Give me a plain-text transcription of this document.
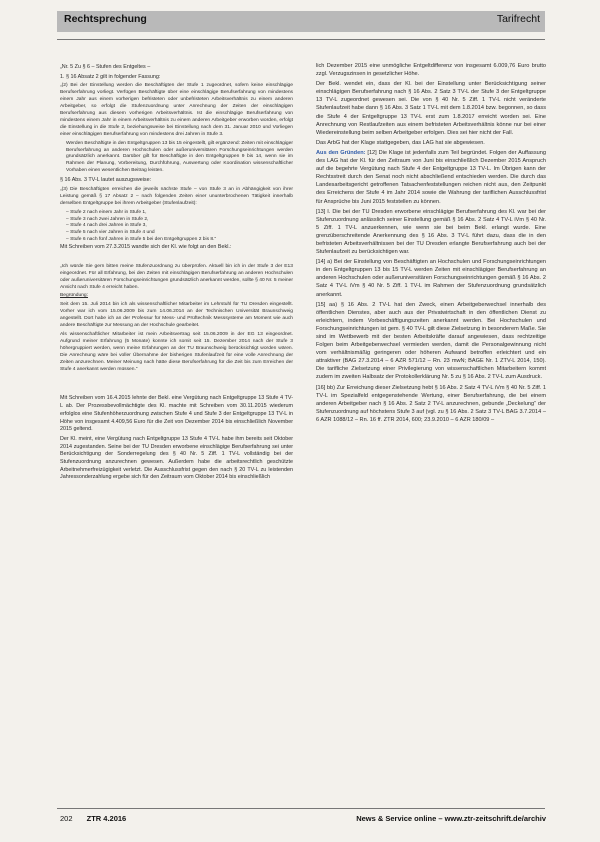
Rechtsprechung	Tarifrecht

„Nr. 5 Zu § 6 – Stufen des Entgeltes –

1. § 16 Absatz 2 gilt in folgender Fassung:

„(2) Bei der Einstellung werden die Beschäftigten der Stufe 1 zugeordnet, sofern keine einschlägige Berufserfahrung vorliegt. Verfügen Beschäftigte über eine einschlägige Berufserfahrung von mindestens einem Jahr aus einem vorherigen befristeten oder unbefristeten Arbeitsverhältnis zu einem anderen Arbeitgeber, so erfolgt die Stufenzuordnung unter Anrechnung der Zeiten der einschlägigen Berufserfahrung aus diesem vorherigen Arbeitsverhältnis. Ist die einschlägige Berufserfahrung von mindestens einem Jahr in einem Arbeitsverhältnis zu einem anderen Arbeitgeber erworben worden, erfolgt die Einstellung in die Stufe 2, beziehungsweise bei Einstellung nach dem 31. Januar 2010 und Vorliegen einer einschlägigen Berufserfahrung von mindestens drei Jahren in Stufe 3.

Werden Beschäftigte in den Entgeltgruppen 13 bis 15 eingestellt, gilt ergänzend: Zeiten mit einschlägiger Berufserfahrung an anderen Hochschulen oder außeruniversitären Forschungseinrichtungen werden grundsätzlich anerkannt. Darüber gilt für Beschäftigte in den Entgeltgruppen 9 bis 14, wenn sie im Rahmen der Planung, Vorbereitung, Durchführung, Auswertung oder Koordination wissenschaftlicher Vorhaben einen wesentlichen Beitrag leisten.

§ 16 Abs. 3 TV-L lautet auszugsweise:

„(3) Die Beschäftigten erreichen die jeweils nächste Stufe – von Stufe 3 an in Abhängigkeit von ihrer Leistung gemäß § 17 Absatz 2 – nach folgenden Zeiten einer ununterbrochenen Tätigkeit innerhalb derselben Entgeltgruppe bei ihrem Arbeitgeber (Stufenlaufzeit):

– Stufe 2 nach einem Jahr in Stufe 1,
– Stufe 3 nach zwei Jahren in Stufe 2,
– Stufe 4 nach drei Jahren in Stufe 3,
– Stufe 5 nach vier Jahren in Stufe 4 und
– Stufe 6 nach fünf Jahren in Stufe 5 bei den Entgeltgruppen 2 bis 8.“

Mit Schreiben vom 27.3.2015 wandte sich der Kl. wie folgt an den Bekl.:

„Ich würde Sie gern bitten meine Stufenzuordnung zu überprüfen. Aktuell bin ich in der Stufe 3 der E13 eingeordnet. Für all Erfahrung, bei den Zeiten mit einschlägigen Berufserfahrung an anderen Hochschulen oder außeruniversitären Forschungseinrichtungen grundsätzlich anerkannt werden, sollte § 40 Nr. 5 meiner Ansicht nach Stufe 4 erreicht haben.

Begründung:

Seit dem 15. Juli 2014 bin ich als wissenschaftlicher Mitarbeiter im Lehrstuhl für TU Dresden eingestellt. Vorher war ich vom 15.06.2009 bis zum 14.06.2014 an der Technischen Universität Braunschweig angestellt. Dort habe ich an der Professur für Mess- und Prüftechnik Messsysteme am Moment wie auch andere Beschäftigte zur Messung an der Hochschule gearbeitet.

Als wissenschaftlicher Mitarbeiter ist mein Arbeitsvertrag seit 15.06.2009 in der EG 13 eingeordnet. Aufgrund meiner Erfahrung (5 Monate) konnte ich somit seit 15. Dezember 2014 nach der Stufe 3 höhergruppiert werden, wenn meine Erfahrungen an der TU Braunschweig berücksichtigt worden wären. Die Anrechnung wäre bei voller Übernahme der bisherigen Stufenlaufzeit für eine volle Anrechnung der Zeiten anzurechnen. Meiner Meinung nach hätte diese Berufserfahrung für die Zeit bis zum Erreichen der Stufe 4 anerkannt werden müssen.“

Mit Schreiben vom 16.4.2015 lehnte der Bekl. eine Vergütung nach Entgeltgruppe 13 Stufe 4 TV-L ab. Der Prozessbevollmächtigte des Kl. machte mit Schreiben vom 30.11.2015 wiederum erfolglos eine Stufenhöherzuordnung zwischen Stufe 4 und Stufe 3 der Entgeltgruppe 13 TV-L in Höhe von insgesamt 4.409,56 Euro für die Zeit von Dezember 2014 bis einschließlich November 2015 geltend.

Der Kl. meint, eine Vergütung nach Entgeltgruppe 13 Stufe 4 TV-L habe ihm bereits seit Oktober 2014 zugestanden. Seine bei der TU Dresden erworbene einschlägige Berufserfahrung sei unter Berücksichtigung der Sonderregelung des § 40 Nr. 5 Ziff. 1 TV-L vollständig bei der Stufenzuordnung anzurechnen gewesen. Außerdem habe die arbeitsrechtlich geschützte Arbeitnehmerfreizügigkeit verletzt. Die Ausschlussfrist gegen den nach § 20 TV-L zu leistenden Jahressonderzahlung ergebe sich für den Zeitraum vom Oktober 2014 bis einschließlich

lich Dezember 2015 eine unmögliche Entgeltdifferenz von insgesamt 6.009,76 Euro brutto zzgl. Verzugszinsen in gesetzlicher Höhe.

Der Bekl. wendet ein, dass der Kl. bei der Einstellung unter Berücksichtigung seiner einschlägigen Berufserfahrung nach § 16 Abs. 2 Satz 3 TV-L der Stufe 3 der Entgeltgruppe 13 TV-L zugeordnet gewesen sei. Die von § 40 Nr. 5 Ziff. 1 TV-L nicht veränderte Stufenlaufzeit habe dann § 16 Abs. 3 Satz 1 TV-L mit dem 1.8.2014 bzw. begonnen, so dass die Stufe 4 der Entgeltgruppe 13 TV-L erst zum 1.8.2017 erreicht worden sei. Eine Anrechnung von Restlaufzeiten aus einem befristeten Arbeitsverhältnis könne nur bei einer Wiedereinstellung beim selben Arbeitgeber erfolgen. Dies sei hier nicht der Fall.

Das ArbG hat der Klage stattgegeben, das LAG hat sie abgewiesen.

Aus den Gründen: [12] Die Klage ist jedenfalls zum Teil begründet. Folgen der Auffassung des LAG hat der Kl. für den Zeitraum von Juni bis einschließlich Dezember 2015 Anspruch auf die begehrte Vergütung nach Stufe 4 der Entgeltgruppe 13 TV-L. Im Übrigen kann der Rechtsstreit durch den Senat noch nicht abschließend entschieden werden. Die durch das Landesarbeitsgericht getroffenen Tatsachenfeststellungen reichen nicht aus, den Zeitpunkt des Erreichens der Stufe 4 im Jahr 2014 sowie die Wahrung der tariflichen Ausschlussfrist für Ansprüche bis Juni 2015 feststellen zu können.

[13] I. Die bei der TU Dresden erworbene einschlägige Berufserfahrung des Kl. war bei der Stufenzuordnung anlässlich seiner Einstellung gemäß § 16 Abs. 2 Satz 4 TV-L iVm § 40 Nr. 5 Ziff. 1 TV-L anzuerkennen, wie wenn sie bei beim Bekl. erlangt wurde. Eine grenzüberschreitende Anerkennung des § 16 Abs. 3 TV-L führt dazu, dass die in den befristeten Arbeitsverhältnissen bei der TU Dresden erlangte Berufserfahrung auch bei der Stufenlaufzeit zu berücksichtigen war.

[14] a) Bei der Einstellung von Beschäftigten an Hochschulen und Forschungseinrichtungen in den Entgeltgruppen 13 bis 15 TV-L werden Zeiten mit einschlägiger Berufserfahrung an anderen Hochschulen oder außeruniversitären Forschungseinrichtungen gemäß § 16 Abs. 2 Satz 4 TV-L iVm § 40 Nr. 5 Ziff. 1 TV-L im Rahmen der Stufenzuordnung grundsätzlich anerkannt.

[15] aa) § 16 Abs. 2 TV-L hat den Zweck, einen Arbeitgeberwechsel innerhalb des öffentlichen Dienstes, aber auch aus der Privatwirtschaft in den öffentlichen Dienst zu erleichtern, indem Vorbeschäftigungszeiten anerkannt werden. Bei Hochschulen und Forschungseinrichtungen ist gem. § 40 TV-L gilt diese Zielsetzung in besonderem Maße. Sie sind im Wettbewerb mit der besten Arbeitskräfte darauf angewiesen, dass rechtzeitige Folgen beim Arbeitgeberwechsel vermieden werden, damit die Personalgewinnung nicht vom verhältnismäßig geringeren oder höheren Aufwand betroffen erleichtert und ein attraktiver (BAG 27.3.2014 – 6 AZR 571/12 – Rn. 23 mwN; BAGE Nr. 1 ZTV-L 2014, 150). Die tarifliche Zielsetzung einer Privilegierung von wissenschaftlichen Mitarbeitern kommt zudem im zweiten Halbsatz der Protokollerklärung Nr. 5 zu § 16 Abs. 2 TV-L zum Ausdruck.

[16] bb) Zur Erreichung dieser Zielsetzung hebt § 16 Abs. 2 Satz 4 TV-L iVm § 40 Nr. 5 Ziff. 1 TV-L im Spezialfeld entgegenstehende Wertung, einer Berufserfahrung, die bei einem anderen Arbeitgeber nach § 16 Abs. 2 Satz 2 TV-L anzurechnen, gebunde „Deckelung“ der Stufenzuordnung auf höchstens Stufe 3 auf (vgl. zu § 16 Abs. 2 Satz 3 TV-L BAG 3.7.2014 – 6 AZR 1088/12 – Rn. 16 ff. ZTR 2014, 600; 23.9.2010 – 6 AZR 180/09 –

202 ZTR 4.2016	News & Service online – www.ztr-zeitschrift.de/archiv
